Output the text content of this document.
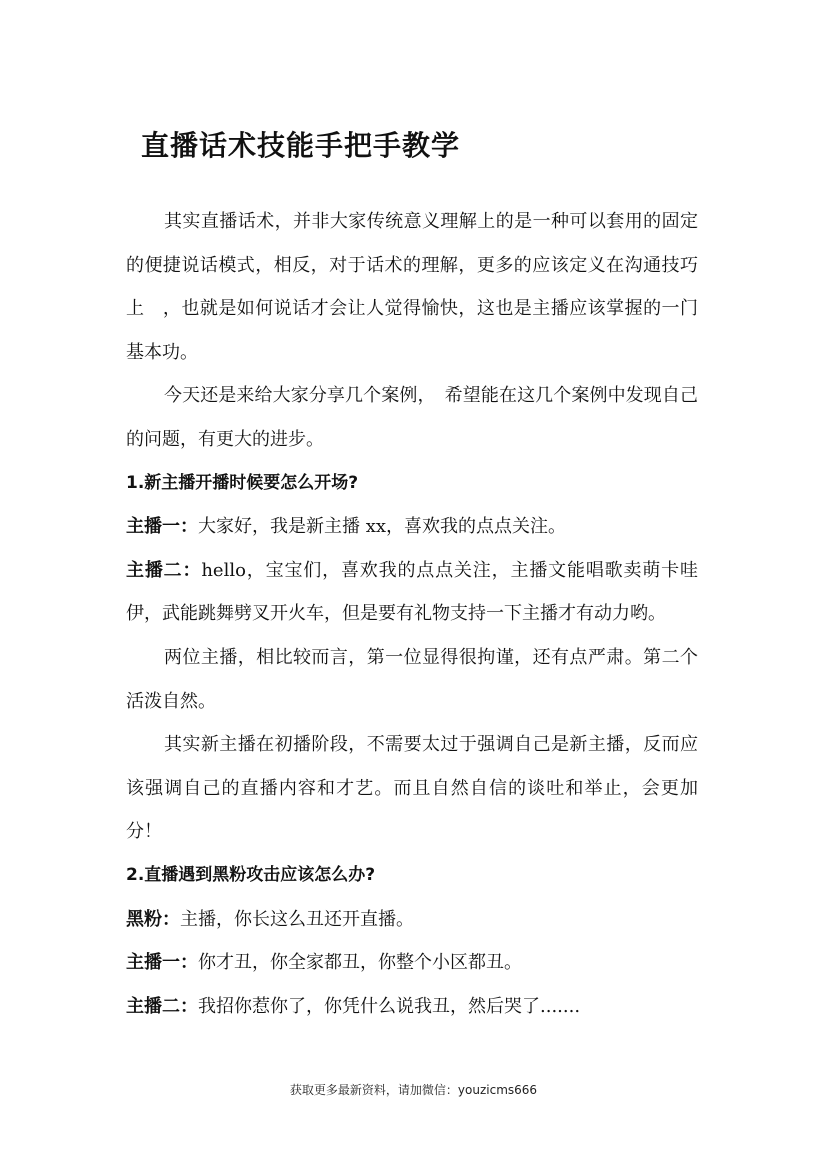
直播话术技能手把手教学

其实直播话术，并非大家传统意义理解上的是一种可以套用的固定的便捷说话模式，相反，对于话术的理解，更多的应该定义在沟通技巧上　，也就是如何说话才会让人觉得愉快，这也是主播应该掌握的一门基本功。

今天还是来给大家分享几个案例，　希望能在这几个案例中发现自己的问题，有更大的进步。

1.新主播开播时候要怎么开场?

主播一：大家好，我是新主播 xx，喜欢我的点点关注。

主播二：hello，宝宝们，喜欢我的点点关注，主播文能唱歌卖萌卡哇伊，武能跳舞劈叉开火车，但是要有礼物支持一下主播才有动力哟。

两位主播，相比较而言，第一位显得很拘谨，还有点严肃。第二个活泼自然。

其实新主播在初播阶段，不需要太过于强调自己是新主播，反而应该强调自己的直播内容和才艺。而且自然自信的谈吐和举止，会更加分！

2.直播遇到黑粉攻击应该怎么办?

黑粉：主播，你长这么丑还开直播。

主播一：你才丑，你全家都丑，你整个小区都丑。

主播二：我招你惹你了，你凭什么说我丑，然后哭了.......

获取更多最新资料，请加微信：youzicms666
